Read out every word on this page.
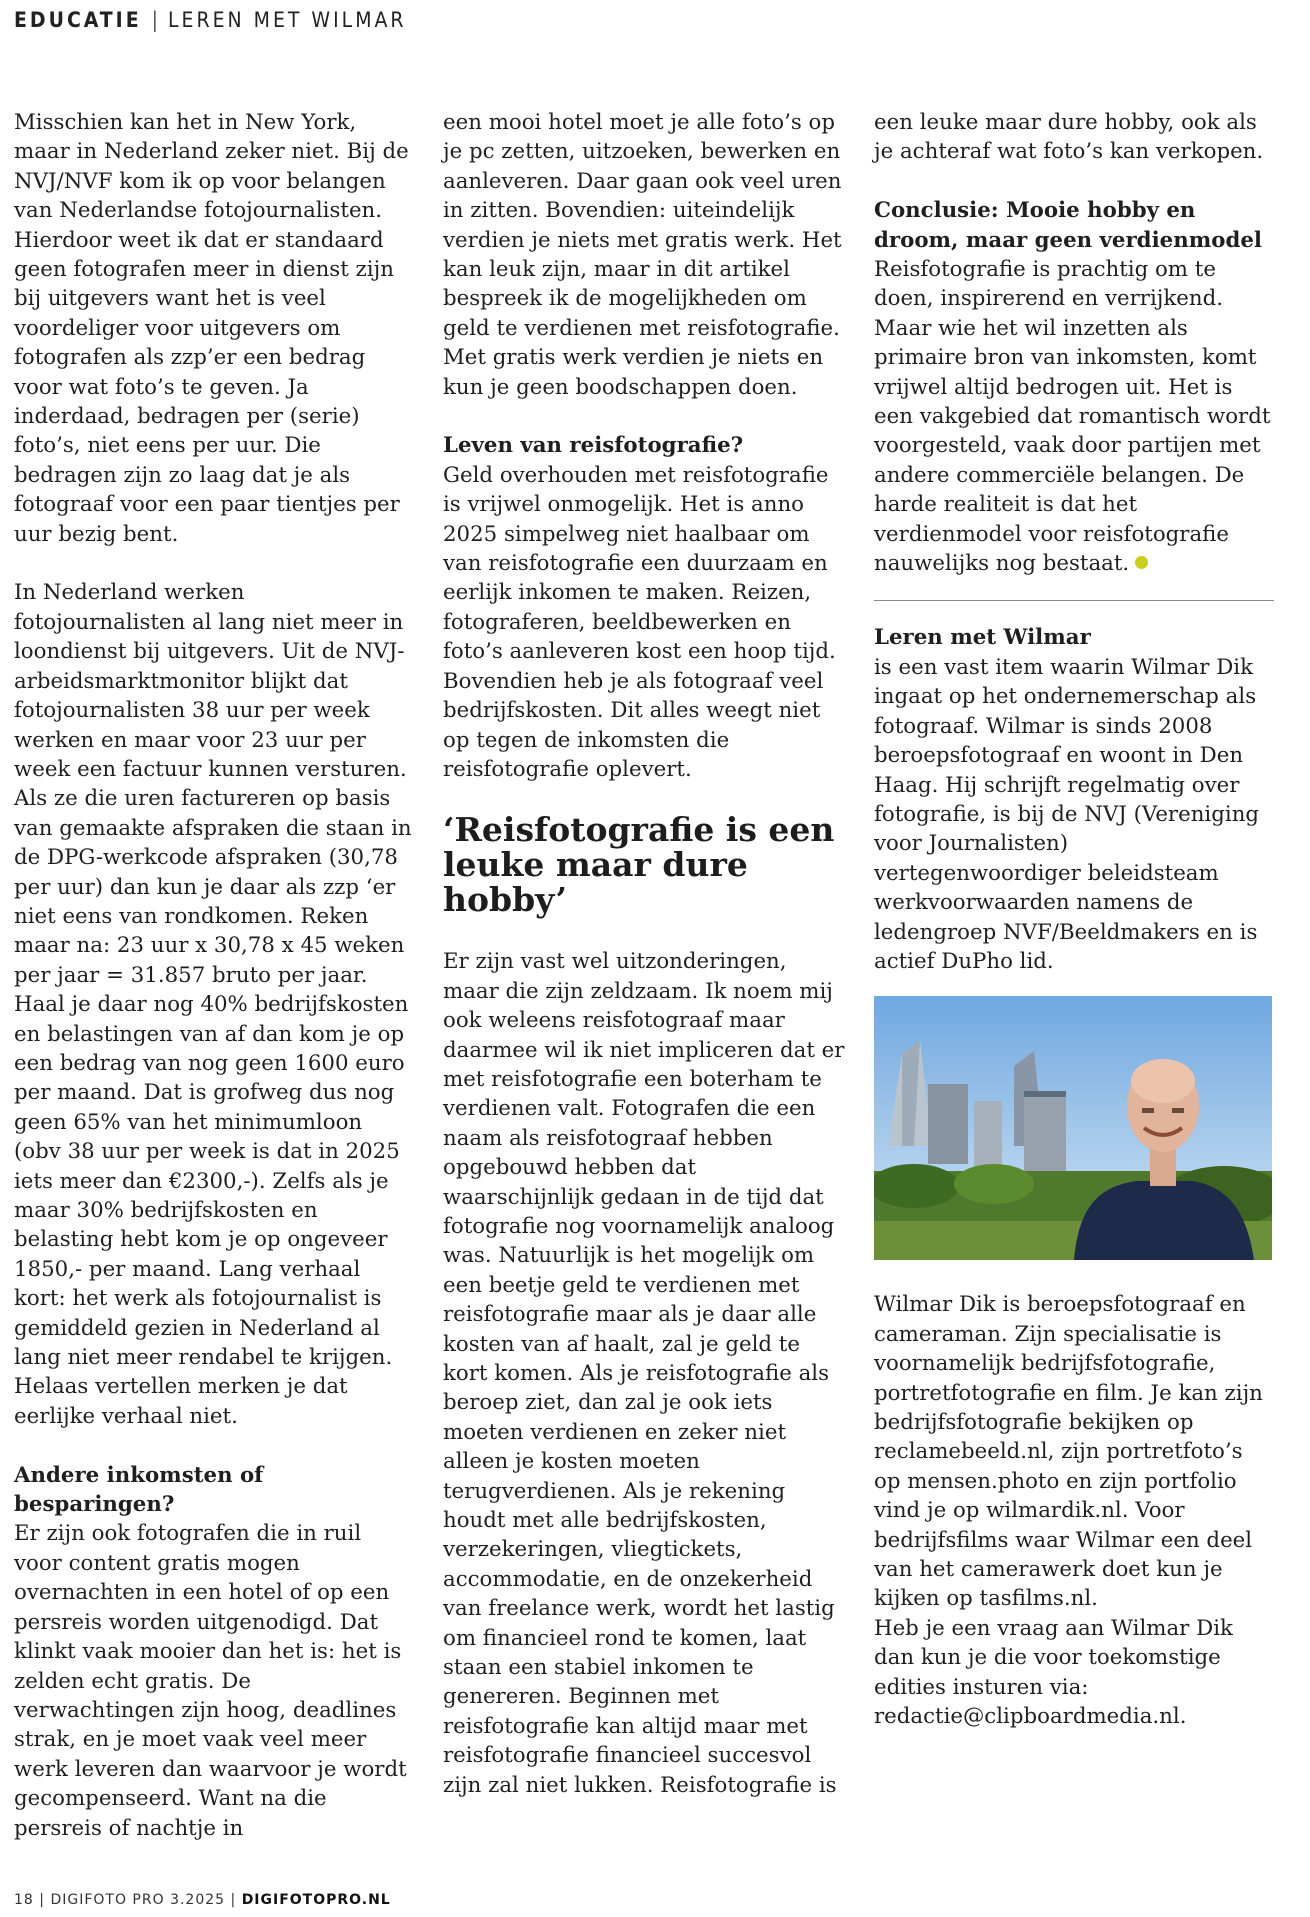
EDUCATIE | LEREN MET WILMAR

Misschien kan het in New York, maar in Nederland zeker niet. Bij de NVJ/NVF kom ik op voor belangen van Nederlandse fotojournalisten. Hierdoor weet ik dat er standaard geen fotografen meer in dienst zijn bij uitgevers want het is veel voordeliger voor uitgevers om fotografen als zzp’er een bedrag voor wat foto’s te geven. Ja inderdaad, bedragen per (serie) foto’s, niet eens per uur. Die bedragen zijn zo laag dat je als fotograaf voor een paar tientjes per uur bezig bent.

In Nederland werken fotojournalisten al lang niet meer in loondienst bij uitgevers. Uit de NVJ-arbeidsmarktmonitor blijkt dat fotojournalisten 38 uur per week werken en maar voor 23 uur per week een factuur kunnen versturen. Als ze die uren factureren op basis van gemaakte afspraken die staan in de DPG-werkcode afspraken (30,78 per uur) dan kun je daar als zzp ‘er niet eens van rondkomen. Reken maar na: 23 uur x 30,78 x 45 weken per jaar = 31.857 bruto per jaar. Haal je daar nog 40% bedrijfskosten en belastingen van af dan kom je op een bedrag van nog geen 1600 euro per maand. Dat is grofweg dus nog geen 65% van het minimumloon (obv 38 uur per week is dat in 2025 iets meer dan €2300,-). Zelfs als je maar 30% bedrijfskosten en belasting hebt kom je op ongeveer 1850,- per maand. Lang verhaal kort: het werk als fotojournalist is gemiddeld gezien in Nederland al lang niet meer rendabel te krijgen. Helaas vertellen merken je dat eerlijke verhaal niet.

Andere inkomsten of besparingen?

Er zijn ook fotografen die in ruil voor content gratis mogen overnachten in een hotel of op een persreis worden uitgenodigd. Dat klinkt vaak mooier dan het is: het is zelden echt gratis. De verwachtingen zijn hoog, deadlines strak, en je moet vaak veel meer werk leveren dan waarvoor je wordt gecompenseerd. Want na die persreis of nachtje in

een mooi hotel moet je alle foto’s op je pc zetten, uitzoeken, bewerken en aanleveren. Daar gaan ook veel uren in zitten. Bovendien: uiteindelijk verdien je niets met gratis werk. Het kan leuk zijn, maar in dit artikel bespreek ik de mogelijkheden om geld te verdienen met reisfotografie. Met gratis werk verdien je niets en kun je geen boodschappen doen.

Leven van reisfotografie?

Geld overhouden met reisfotografie is vrijwel onmogelijk. Het is anno 2025 simpelweg niet haalbaar om van reisfotografie een duurzaam en eerlijk inkomen te maken. Reizen, fotograferen, beeldbewerken en foto’s aanleveren kost een hoop tijd. Bovendien heb je als fotograaf veel bedrijfskosten. Dit alles weegt niet op tegen de inkomsten die reisfotografie oplevert.

‘Reisfotografie is een leuke maar dure hobby’

Er zijn vast wel uitzonderingen, maar die zijn zeldzaam. Ik noem mij ook weleens reisfotograaf maar daarmee wil ik niet impliceren dat er met reisfotografie een boterham te verdienen valt. Fotografen die een naam als reisfotograaf hebben opgebouwd hebben dat waarschijnlijk gedaan in de tijd dat fotografie nog voornamelijk analoog was. Natuurlijk is het mogelijk om een beetje geld te verdienen met reisfotografie maar als je daar alle kosten van af haalt, zal je geld te kort komen. Als je reisfotografie als beroep ziet, dan zal je ook iets moeten verdienen en zeker niet alleen je kosten moeten terugverdienen. Als je rekening houdt met alle bedrijfskosten, verzekeringen, vliegtickets, accommodatie, en de onzekerheid van freelance werk, wordt het lastig om financieel rond te komen, laat staan een stabiel inkomen te genereren. Beginnen met reisfotografie kan altijd maar met reisfotografie financieel succesvol zijn zal niet lukken. Reisfotografie is

een leuke maar dure hobby, ook als je achteraf wat foto’s kan verkopen.

Conclusie: Mooie hobby en droom, maar geen verdienmodel

Reisfotografie is prachtig om te doen, inspirerend en verrijkend. Maar wie het wil inzetten als primaire bron van inkomsten, komt vrijwel altijd bedrogen uit. Het is een vakgebied dat romantisch wordt voorgesteld, vaak door partijen met andere commerciële belangen. De harde realiteit is dat het verdienmodel voor reisfotografie nauwelijks nog bestaat.

Leren met Wilmar

is een vast item waarin Wilmar Dik ingaat op het ondernemerschap als fotograaf. Wilmar is sinds 2008 beroepsfotograaf en woont in Den Haag. Hij schrijft regelmatig over fotografie, is bij de NVJ (Vereniging voor Journalisten) vertegenwoordiger beleidsteam werkvoorwaarden namens de ledengroep NVF/Beeldmakers en is actief DuPho lid.

Wilmar Dik is beroepsfotograaf en cameraman. Zijn specialisatie is voornamelijk bedrijfsfotografie, portretfotografie en film. Je kan zijn bedrijfsfotografie bekijken op reclamebeeld.nl, zijn portretfoto’s op mensen.photo en zijn portfolio vind je op wilmardik.nl. Voor bedrijfsfilms waar Wilmar een deel van het camerawerk doet kun je kijken op tasfilms.nl.

Heb je een vraag aan Wilmar Dik dan kun je die voor toekomstige edities insturen via: redactie@clipboardmedia.nl.

18 | DIGIFOTO PRO 3.2025 | DIGIFOTOPRO.NL
